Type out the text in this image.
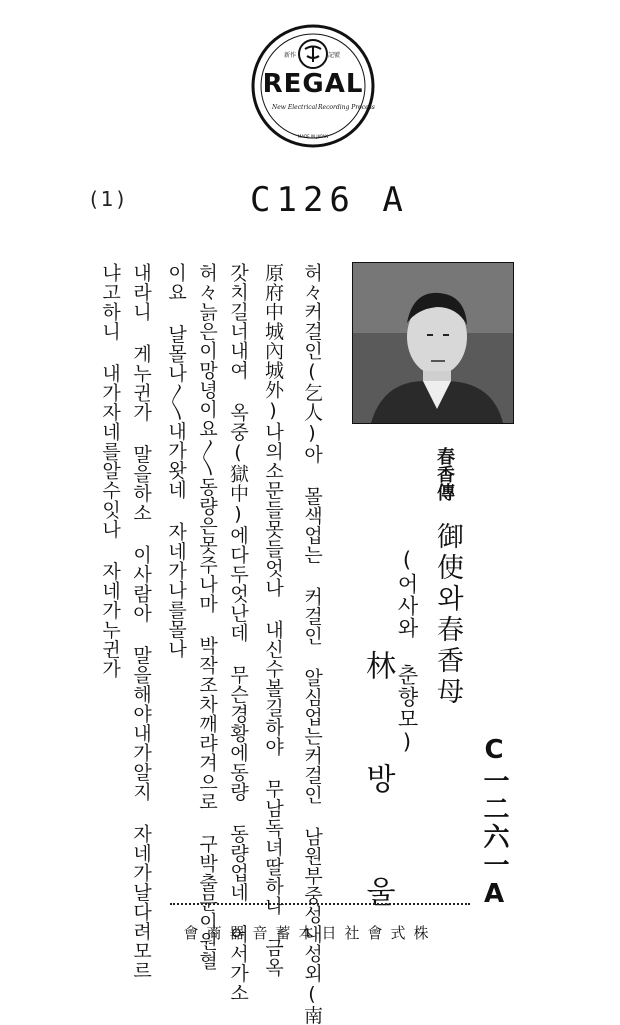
新作	記號
REGAL
New Electrical Recording Process
MADE IN JAPAN
(1)	C126 A
春香傳
御使와春香母
(어사와 춘향모)
林 방 울	C一二六一A
허々커걸인(乞人)아 몰색업는 커걸인 알심업는커걸인 남원부중성내성외(南
原府中城內城外)나의소문들못들엇나 내신수볼길하야 무남독녀딸하나 금옥
갓치길너내여 옥중(獄中)에다두엇난데 무슨경황에동량 동량업네 어서가소
허々늙은이망녕이요〳〵동량은못주나마 박작조차깨랴겨으로 구박출문이원혈
이요 날몰나〳〵내가왓네 자네가나를몰나
내라니 게누귄가 말을하소 이사람아 말을해야내가알지 자네가날다려모르
냐고하니 내가자네를알수잇나 자네가누귄가
會商器音蓄本日社會式株
